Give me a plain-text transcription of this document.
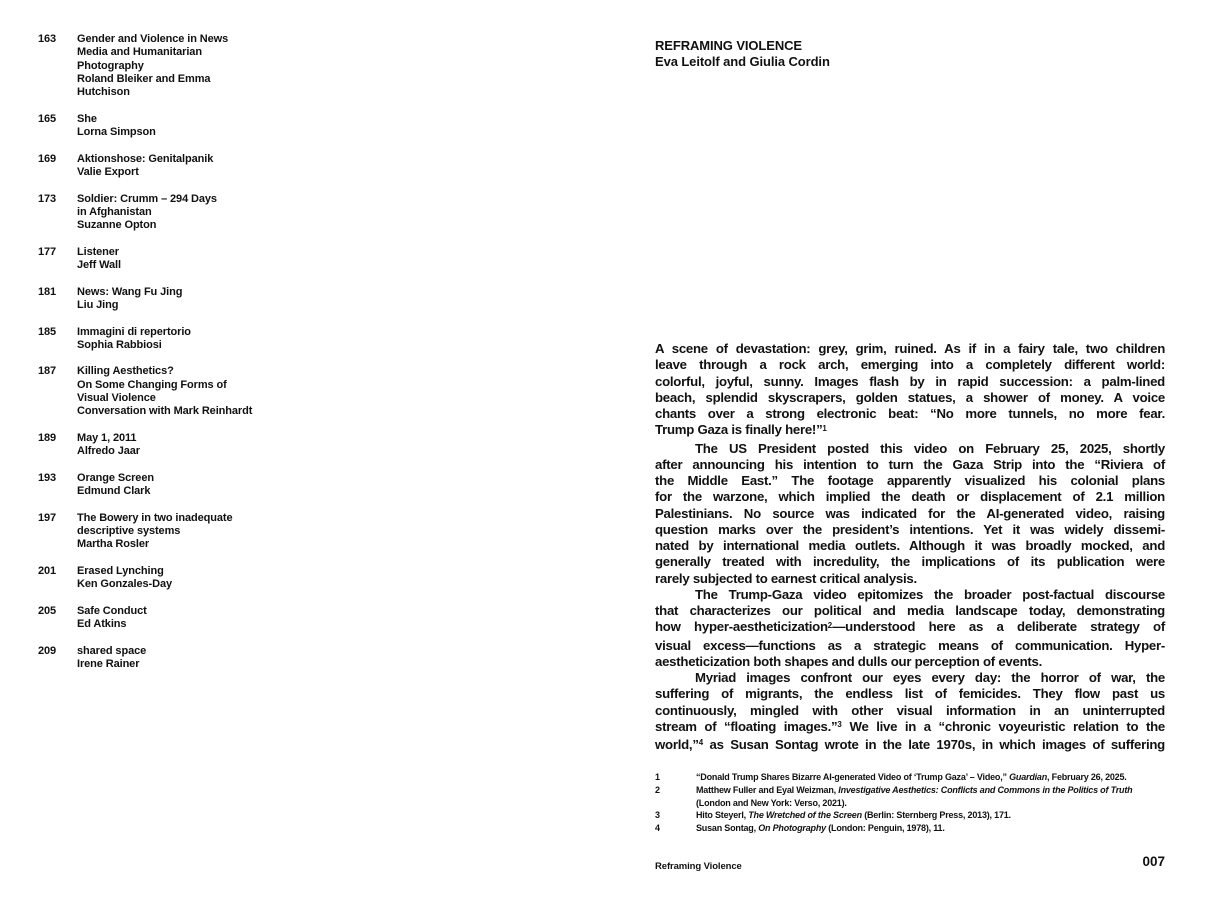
163	Gender and Violence in News
Media and Humanitarian
Photography
Roland Bleiker and Emma
Hutchison
165	She
Lorna Simpson
169	Aktionshose: Genitalpanik
Valie Export
173	Soldier: Crumm – 294 Days
in Afghanistan
Suzanne Opton
177	Listener
Jeff Wall
181	News: Wang Fu Jing
Liu Jing
185	Immagini di repertorio
Sophia Rabbiosi
187	Killing Aesthetics?
On Some Changing Forms of
Visual Violence
Conversation with Mark Reinhardt
189	May 1, 2011
Alfredo Jaar
193	Orange Screen
Edmund Clark
197	The Bowery in two inadequate
descriptive systems
Martha Rosler
201	Erased Lynching
Ken Gonzales-Day
205	Safe Conduct
Ed Atkins
209	shared space
Irene Rainer
REFRAMING VIOLENCE
Eva Leitolf and Giulia Cordin
A scene of devastation: grey, grim, ruined. As if in a fairy tale, two children
leave through a rock arch, emerging into a completely different world:
colorful, joyful, sunny. Images flash by in rapid succession: a palm-lined
beach, splendid skyscrapers, golden statues, a shower of money. A voice
chants over a strong electronic beat: “No more tunnels, no more fear.
Trump Gaza is finally here!”$^1$
The US President posted this video on February 25, 2025, shortly
after announcing his intention to turn the Gaza Strip into the “Riviera of
the Middle East.” The footage apparently visualized his colonial plans
for the warzone, which implied the death or displacement of 2.1 million
Palestinians. No source was indicated for the AI-generated video, raising
question marks over the president’s intentions. Yet it was widely dissemi-
nated by international media outlets. Although it was broadly mocked, and
generally treated with incredulity, the implications of its publication were
rarely subjected to earnest critical analysis.
The Trump-Gaza video epitomizes the broader post-factual discourse
that characterizes our political and media landscape today, demonstrating
how hyper-aestheticization$^2$—understood here as a deliberate strategy of
visual excess—functions as a strategic means of communication. Hyper-
aestheticization both shapes and dulls our perception of events.
Myriad images confront our eyes every day: the horror of war, the
suffering of migrants, the endless list of femicides. They flow past us
continuously, mingled with other visual information in an uninterrupted
stream of “floating images.”$^3$ We live in a “chronic voyeuristic relation to the
world,”$^4$ as Susan Sontag wrote in the late 1970s, in which images of suffering
1	“Donald Trump Shares Bizarre AI-generated Video of ‘Trump Gaza’ – Video,” Guardian, February 26, 2025.
2	Matthew Fuller and Eyal Weizman, Investigative Aesthetics: Conflicts and Commons in the Politics of Truth
(London and New York: Verso, 2021).
3	Hito Steyerl, The Wretched of the Screen (Berlin: Sternberg Press, 2013), 171.
4	Susan Sontag, On Photography (London: Penguin, 1978), 11.
Reframing Violence	007
